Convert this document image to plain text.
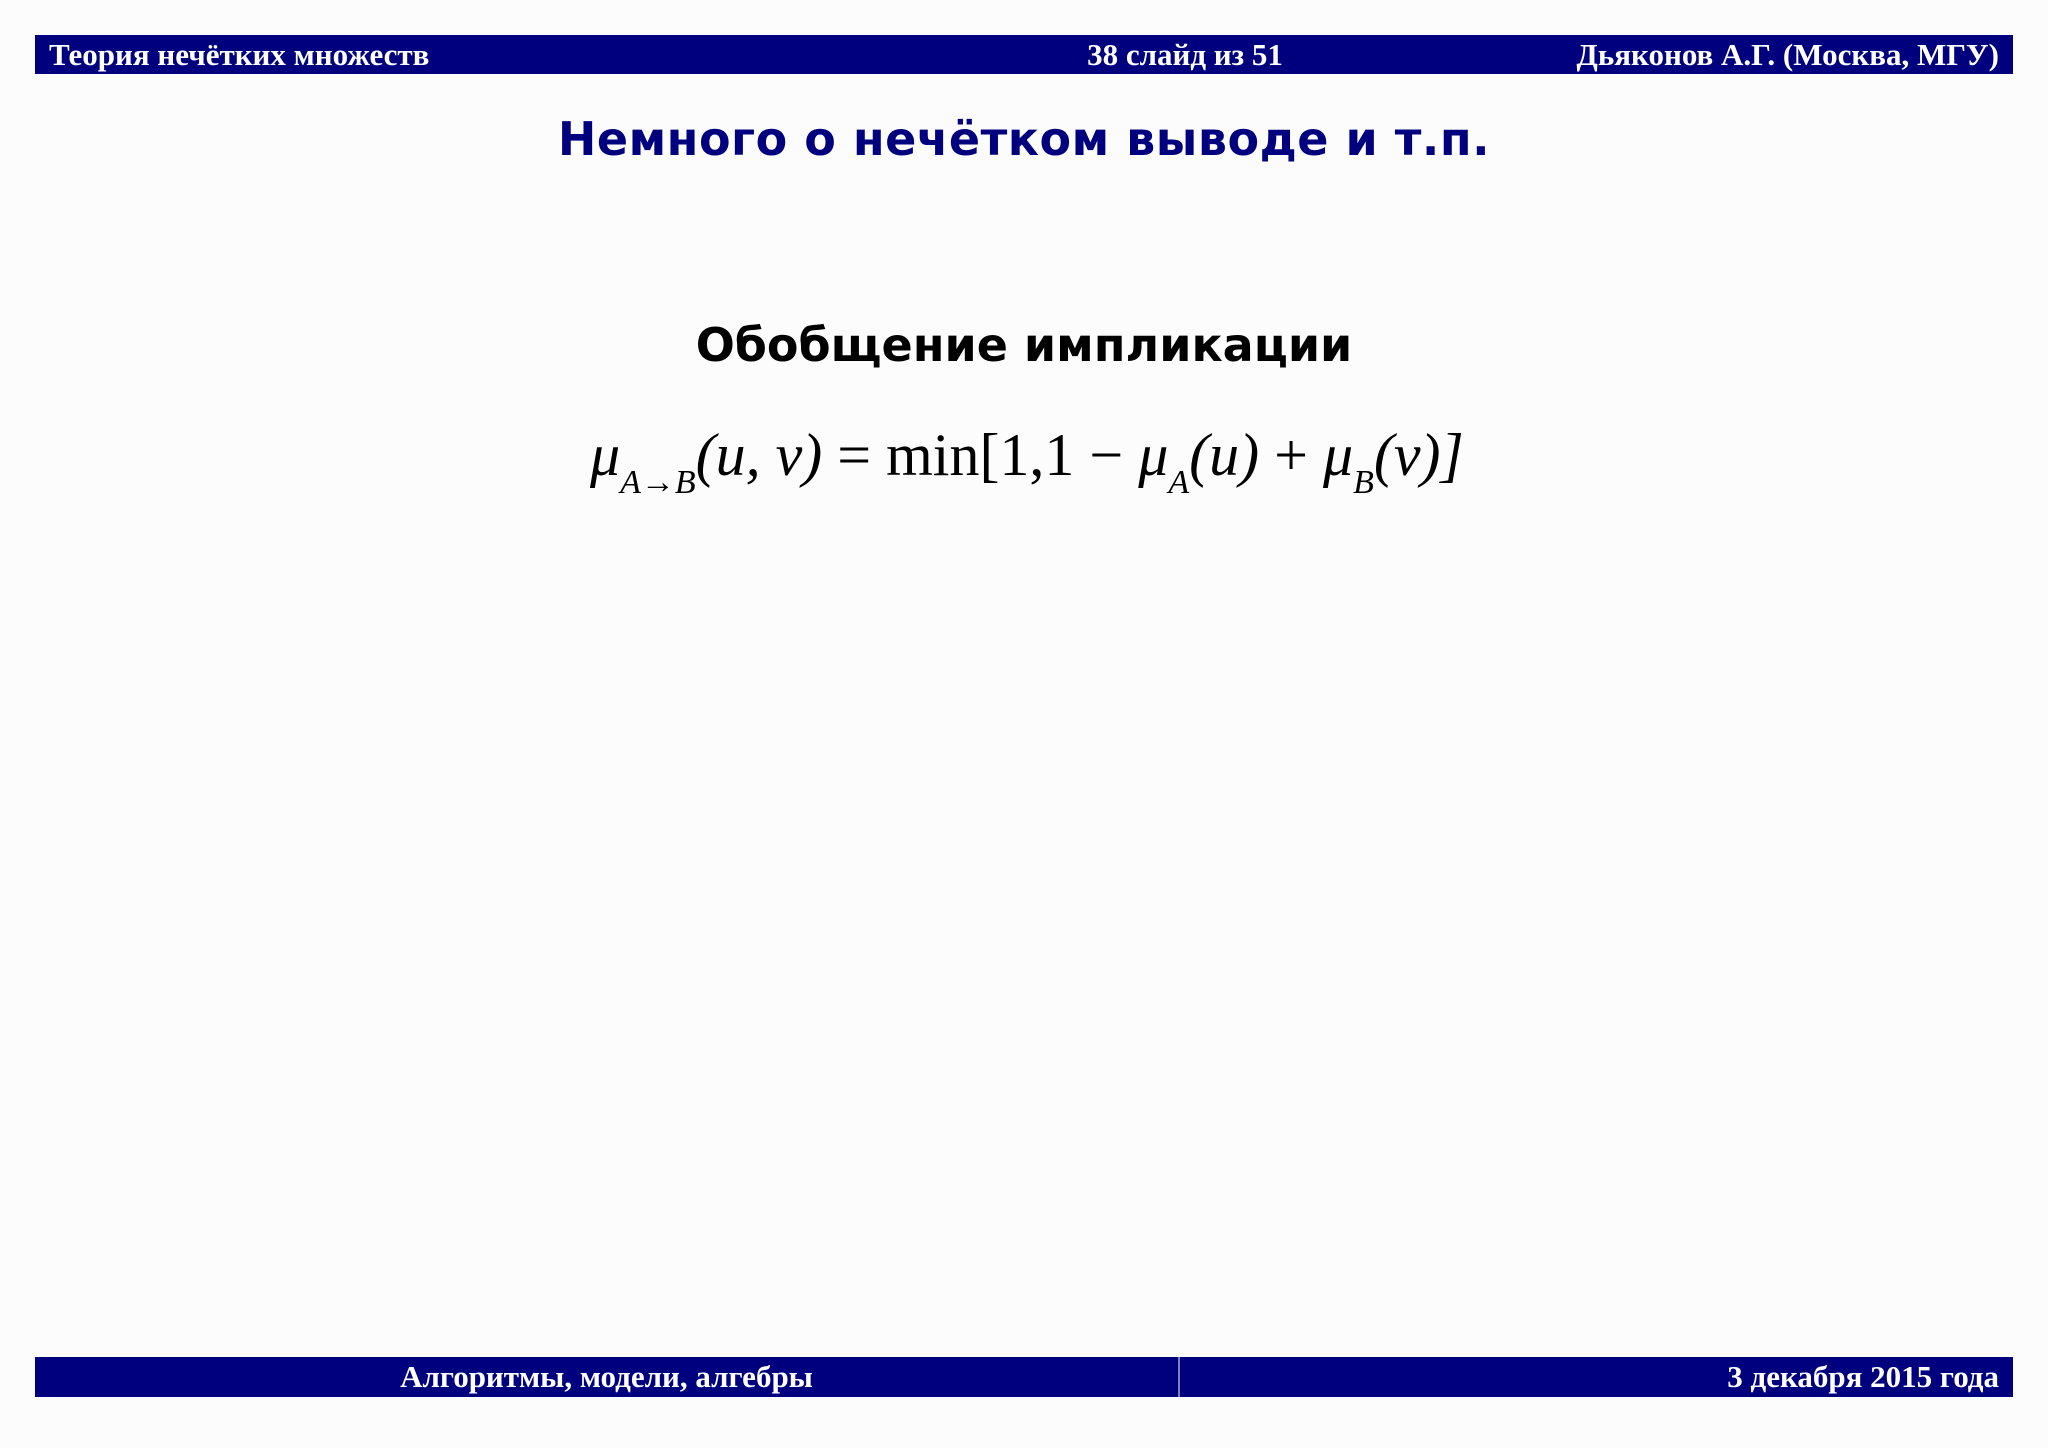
Теория нечётких множеств	38 слайд из 51	Дьяконов А.Г. (Москва, МГУ)
Немного о нечётком выводе и т.п.
Обобщение импликации
$\mu_{A\to B}(u$, $v) = \min[1,1 - \mu_A(u) + \mu_B(v)]$
Алгоритмы, модели, алгебры	3 декабря 2015 года
